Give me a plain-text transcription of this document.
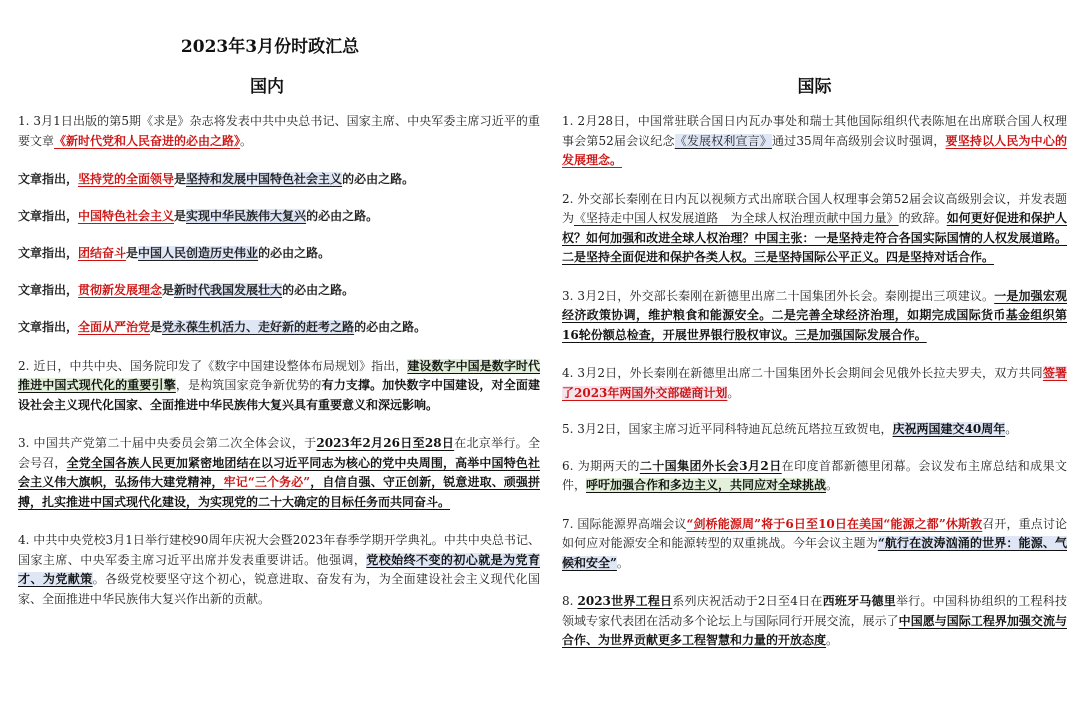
2023年3月份时政汇总
国内

1. 3月1日出版的第5期《求是》杂志将发表中共中央总书记、国家主席、中央军委主席习近平的重要文章《新时代党和人民奋进的必由之路》。

文章指出，坚持党的全面领导是坚持和发展中国特色社会主义的必由之路。

文章指出，中国特色社会主义是实现中华民族伟大复兴的必由之路。

文章指出，团结奋斗是中国人民创造历史伟业的必由之路。

文章指出，贯彻新发展理念是新时代我国发展壮大的必由之路。

文章指出，全面从严治党是党永葆生机活力、走好新的赶考之路的必由之路。

2. 近日，中共中央、国务院印发了《数字中国建设整体布局规划》指出，建设数字中国是数字时代推进中国式现代化的重要引擎，是构筑国家竞争新优势的有力支撑。加快数字中国建设，对全面建设社会主义现代化国家、全面推进中华民族伟大复兴具有重要意义和深远影响。

3. 中国共产党第二十届中央委员会第二次全体会议，于2023年2月26日至28日在北京举行。全会号召，全党全国各族人民更加紧密地团结在以习近平同志为核心的党中央周围，高举中国特色社会主义伟大旗帜，弘扬伟大建党精神，牢记“三个务必”，自信自强、守正创新，锐意进取、顽强拼搏，扎实推进中国式现代化建设，为实现党的二十大确定的目标任务而共同奋斗。

4. 中共中央党校3月1日举行建校90周年庆祝大会暨2023年春季学期开学典礼。中共中央总书记、国家主席、中央军委主席习近平出席并发表重要讲话。他强调，党校始终不变的初心就是为党育才、为党献策。各级党校要坚守这个初心，锐意进取、奋发有为，为全面建设社会主义现代化国家、全面推进中华民族伟大复兴作出新的贡献。

国际

1. 2月28日，中国常驻联合国日内瓦办事处和瑞士其他国际组织代表陈旭在出席联合国人权理事会第52届会议纪念《发展权利宣言》通过35周年高级别会议时强调，要坚持以人民为中心的发展理念。

2. 外交部长秦刚在日内瓦以视频方式出席联合国人权理事会第52届会议高级别会议，并发表题为《坚持走中国人权发展道路　为全球人权治理贡献中国力量》的致辞。如何更好促进和保护人权？如何加强和改进全球人权治理？中国主张：一是坚持走符合各国实际国情的人权发展道路。二是坚持全面促进和保护各类人权。三是坚持国际公平正义。四是坚持对话合作。

3. 3月2日，外交部长秦刚在新德里出席二十国集团外长会。秦刚提出三项建议。一是加强宏观经济政策协调，维护粮食和能源安全。二是完善全球经济治理，如期完成国际货币基金组织第16轮份额总检查，开展世界银行股权审议。三是加强国际发展合作。

4. 3月2日，外长秦刚在新德里出席二十国集团外长会期间会见俄外长拉夫罗夫，双方共同签署了2023年两国外交部磋商计划。

5. 3月2日，国家主席习近平同科特迪瓦总统瓦塔拉互致贺电，庆祝两国建交40周年。

6. 为期两天的二十国集团外长会3月2日在印度首都新德里闭幕。会议发布主席总结和成果文件，呼吁加强合作和多边主义，共同应对全球挑战。

7. 国际能源界高端会议“剑桥能源周”将于6日至10日在美国“能源之都”休斯敦召开，重点讨论如何应对能源安全和能源转型的双重挑战。今年会议主题为“航行在波涛汹涌的世界：能源、气候和安全”。

8. 2023世界工程日系列庆祝活动于2日至4日在西班牙马德里举行。中国科协组织的工程科技领域专家代表团在活动多个论坛上与国际同行开展交流，展示了中国愿与国际工程界加强交流与合作、为世界贡献更多工程智慧和力量的开放态度。
